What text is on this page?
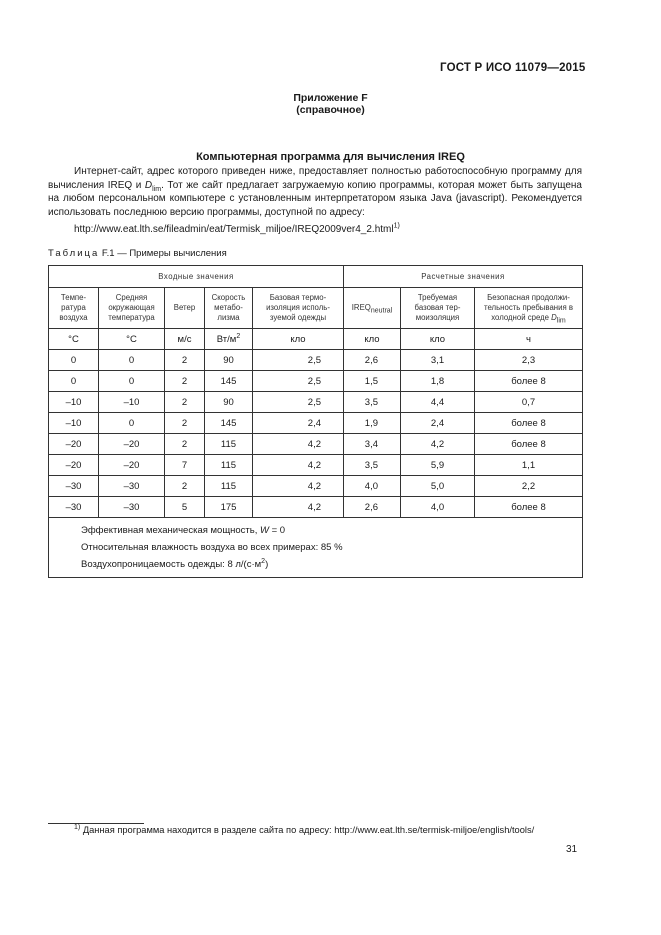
ГОСТ Р ИСО 11079—2015
Приложение F
(справочное)
Компьютерная программа для вычисления IREQ

Интернет-сайт, адрес которого приведен ниже, предоставляет полностью работоспособную программу для вычисления IREQ и $D_{lim}$. Тот же сайт предлагает загружаемую копию программы, которая может быть запущена на любом персональном компьютере с установленным интерпретатором языка Java (javascript). Рекомендуется использовать последнюю версию программы, доступной по адресу:

http://www.eat.lth.se/fileadmin/eat/Termisk_miljoe/IREQ2009ver4_2.html$^{1)}$
Таблица F.1 — Примеры вычисления
Входные значения					Расчетные значения		
Темпе-ратура воздуха	Средняя окружающая температура	Ветер	Скорость метабо-лизма	Базовая термо-изоляция исполь-зуемой одежды	$IREQ_{neutral}$	Требуемая базовая тер-моизоляция	Безопасная продолжи-тельность пребывания в холодной среде $D_{lim}$
°С	°С	м/с	$Вт/м^2$	кло	кло	кло	ч
0	0	2	90	2,5	2,6	3,1	2,3
0	0	2	145	2,5	1,5	1,8	более 8
–10	–10	2	90	2,5	3,5	4,4	0,7
–10	0	2	145	2,4	1,9	2,4	более 8
–20	–20	2	115	4,2	3,4	4,2	более 8
–20	–20	7	115	4,2	3,5	5,9	1,1
–30	–30	2	115	4,2	4,0	5,0	2,2
–30	–30	5	175	4,2	2,6	4,0	более 8

Эффективная механическая мощность, W = 0
Относительная влажность воздуха во всех примерах: 85 %
Воздухопроницаемость одежды: 8 $л/(с\cdot м^2)$							
$^{1)}$ Данная программа находится в разделе сайта по адресу: http://www.eat.lth.se/termisk-miljoe/english/tools/
31
